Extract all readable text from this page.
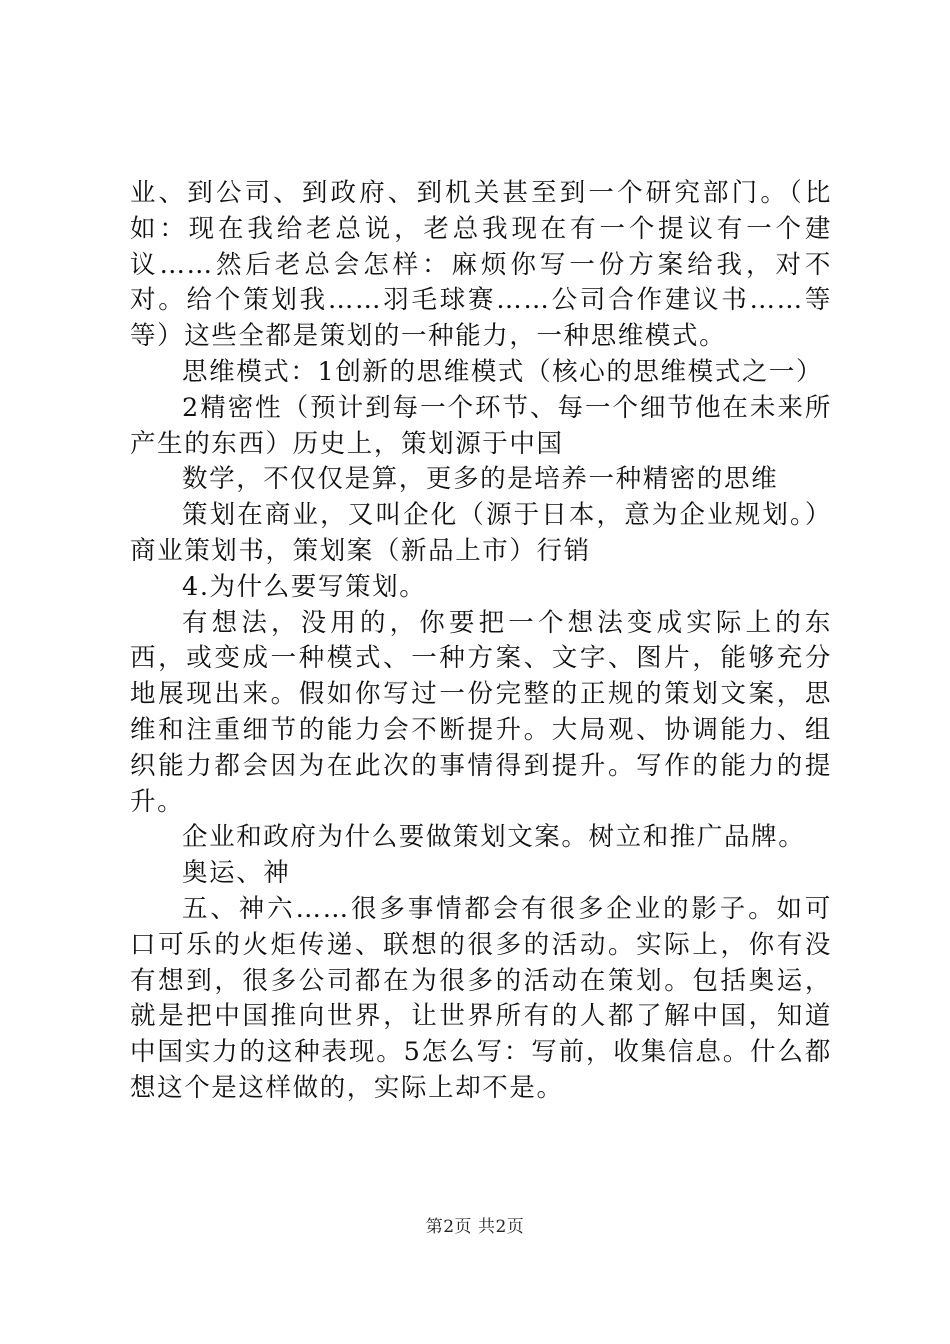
业、到公司、到政府、到机关甚至到一个研究部门。（比如：现在我给老总说，老总我现在有一个提议有一个建议……然后老总会怎样：麻烦你写一份方案给我，对不对。给个策划我……羽毛球赛……公司合作建议书……等等）这些全都是策划的一种能力，一种思维模式。

思维模式：1创新的思维模式（核心的思维模式之一）

2精密性（预计到每一个环节、每一个细节他在未来所产生的东西）历史上，策划源于中国

数学，不仅仅是算，更多的是培养一种精密的思维

策划在商业，又叫企化（源于日本，意为企业规划。）商业策划书，策划案（新品上市）行销

4.为什么要写策划。

有想法，没用的，你要把一个想法变成实际上的东西，或变成一种模式、一种方案、文字、图片，能够充分地展现出来。假如你写过一份完整的正规的策划文案，思维和注重细节的能力会不断提升。大局观、协调能力、组织能力都会因为在此次的事情得到提升。写作的能力的提升。

企业和政府为什么要做策划文案。树立和推广品牌。

奥运、神

五、神六……很多事情都会有很多企业的影子。如可口可乐的火炬传递、联想的很多的活动。实际上，你有没有想到，很多公司都在为很多的活动在策划。包括奥运，就是把中国推向世界，让世界所有的人都了解中国，知道中国实力的这种表现。5怎么写：写前，收集信息。什么都想这个是这样做的，实际上却不是。

第2页 共2页
